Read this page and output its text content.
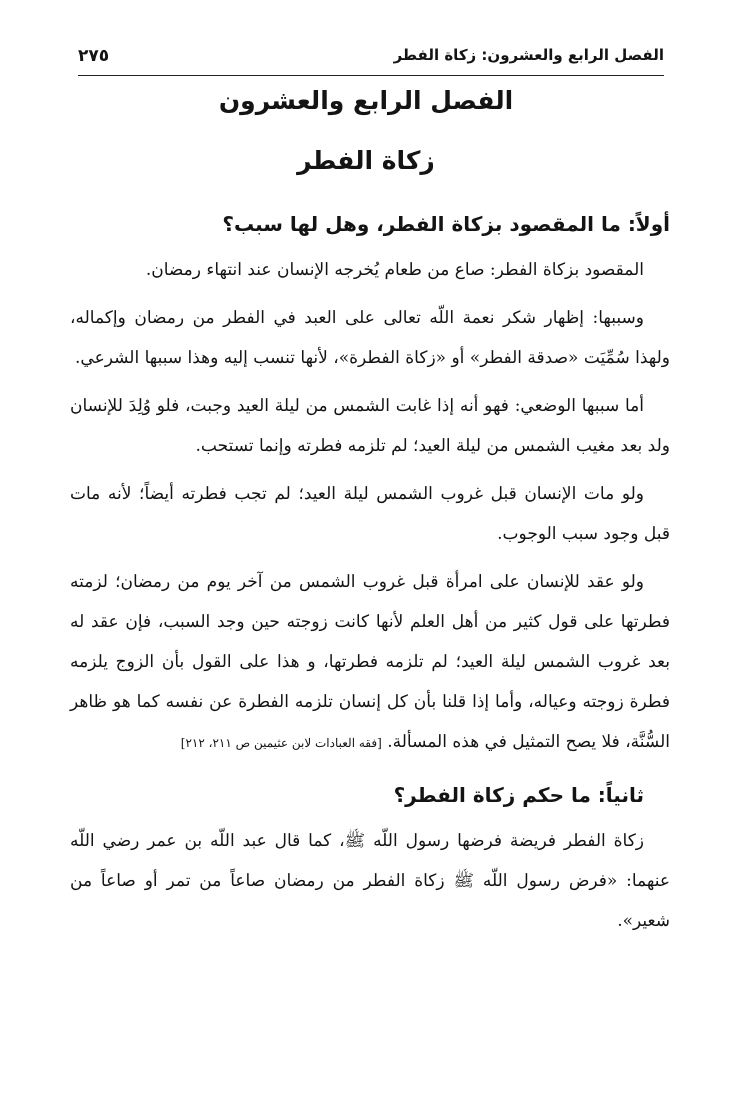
٢٧٥	الفصل الرابع والعشرون: زكاة الفطر
الفصل الرابع والعشرون
زكاة الفطر
أولاً: ما المقصود بزكاة الفطر، وهل لها سبب؟

المقصود بزكاة الفطر: صاع من طعام يُخرجه الإنسان عند انتهاء رمضان.

وسببها: إظهار شكر نعمة اللّه تعالى على العبد في الفطر من رمضان وإكماله، ولهذا سُمِّيَت «صدقة الفطر» أو «زكاة الفطرة»، لأنها تنسب إليه وهذا سببها الشرعي.

أما سببها الوضعي: فهو أنه إذا غابت الشمس من ليلة العيد وجبت، فلو وُلِدَ للإنسان ولد بعد مغيب الشمس من ليلة العيد؛ لم تلزمه فطرته وإنما تستحب.

ولو مات الإنسان قبل غروب الشمس ليلة العيد؛ لم تجب فطرته أيضاً؛ لأنه مات قبل وجود سبب الوجوب.

ولو عقد للإنسان على امرأة قبل غروب الشمس من آخر يوم من رمضان؛ لزمته فطرتها على قول كثير من أهل العلم لأنها كانت زوجته حين وجد السبب، فإن عقد له بعد غروب الشمس ليلة العيد؛ لم تلزمه فطرتها، و هذا على القول بأن الزوج يلزمه فطرة زوجته وعياله، وأما إذا قلنا بأن كل إنسان تلزمه الفطرة عن نفسه كما هو ظاهر السُّنَّة، فلا يصح التمثيل في هذه المسألة. [فقه العبادات لابن عثيمين ص ٢١١، ٢١٢]

ثانياً: ما حكم زكاة الفطر؟

زكاة الفطر فريضة فرضها رسول اللّه ﷺ، كما قال عبد اللّه بن عمر رضي اللّه عنهما: «فرض رسول اللّه ﷺ زكاة الفطر من رمضان صاعاً من تمر أو صاعاً من شعير».
